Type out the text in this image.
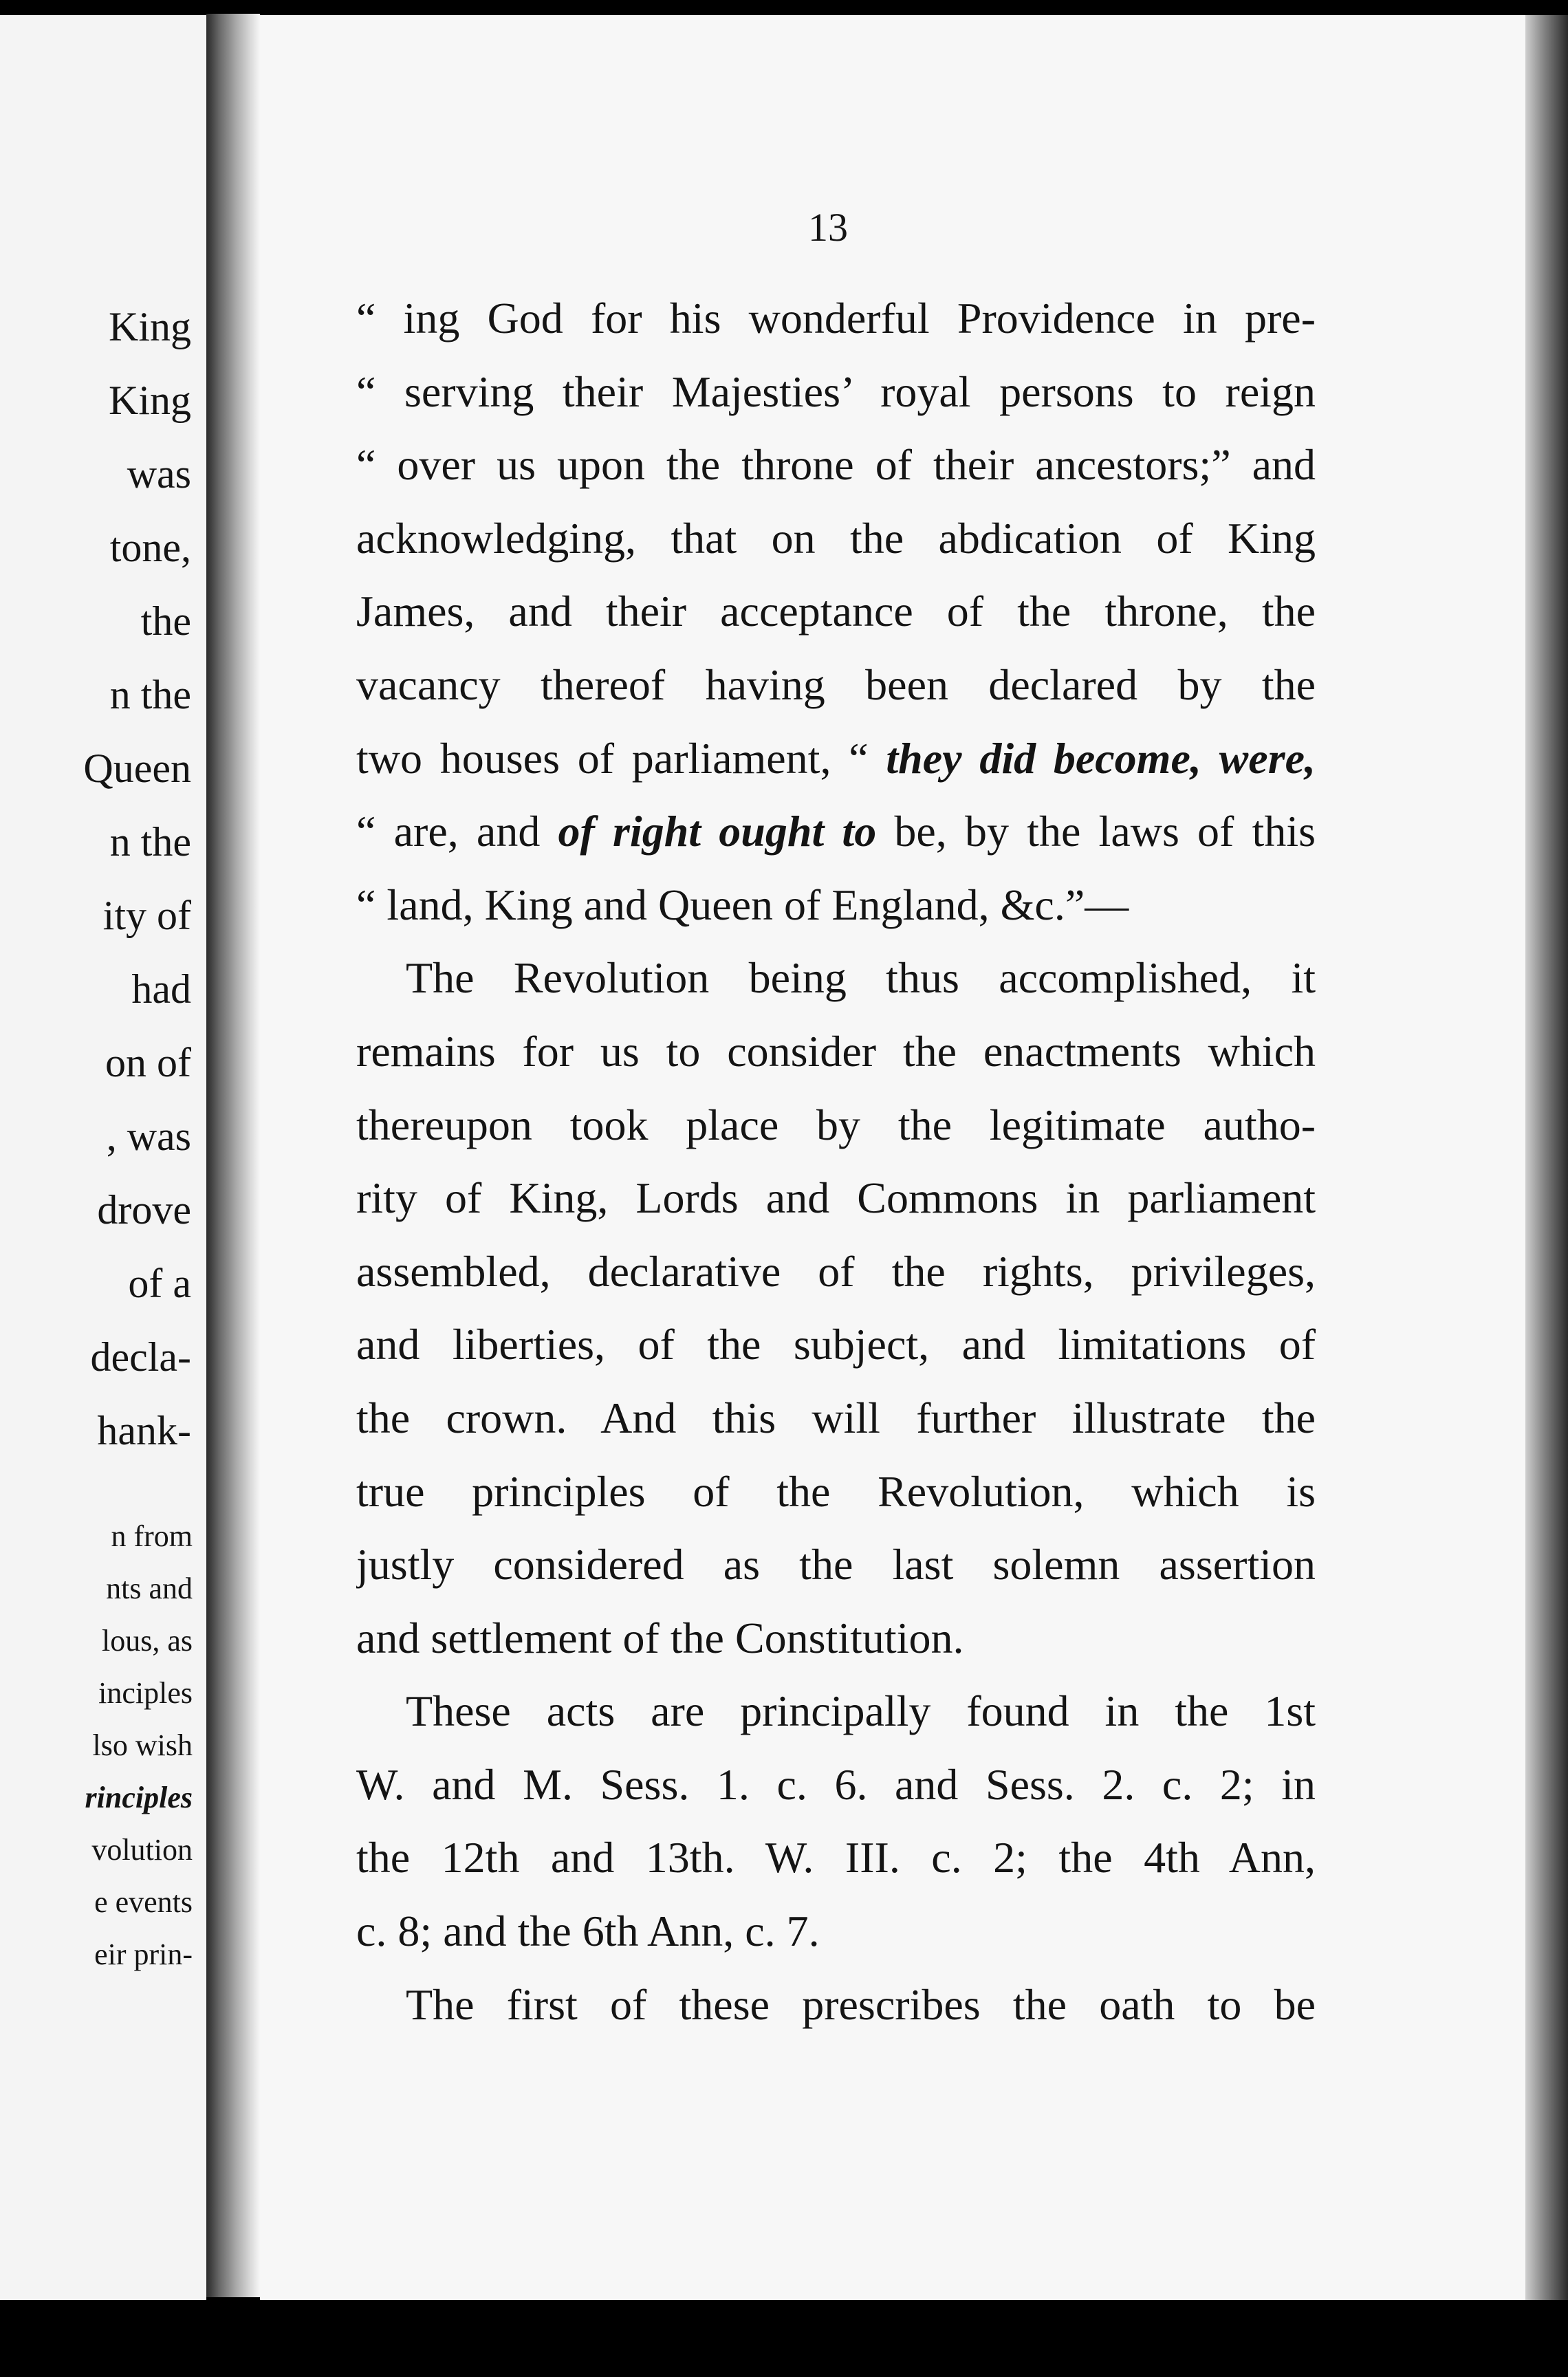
King
King
was
tone,
the
n the
Queen
n the
ity of
had
on of
, was
drove
of a
decla-
hank-
n from
nts and
lous, as
inciples
lso wish
rinciples
volution
e events
eir prin-
13
“ ing God for his wonderful Providence in pre-
“ serving their Majesties’ royal persons to reign
“ over us upon the throne of their ancestors;” and
acknowledging, that on the abdication of King
James, and their acceptance of the throne, the
vacancy thereof having been declared by the
two houses of parliament, “ they did become, were,
“ are, and of right ought to be, by the laws of this
“ land, King and Queen of England, &c.”—
The Revolution being thus accomplished, it
remains for us to consider the enactments which
thereupon took place by the legitimate autho-
rity of King, Lords and Commons in parliament
assembled, declarative of the rights, privileges,
and liberties, of the subject, and limitations of
the crown. And this will further illustrate the
true principles of the Revolution, which is
justly considered as the last solemn assertion
and settlement of the Constitution.
These acts are principally found in the 1st
W. and M. Sess. 1. c. 6. and Sess. 2. c. 2; in
the 12th and 13th. W. III. c. 2; the 4th Ann,
c. 8; and the 6th Ann, c. 7.
The first of these prescribes the oath to be
